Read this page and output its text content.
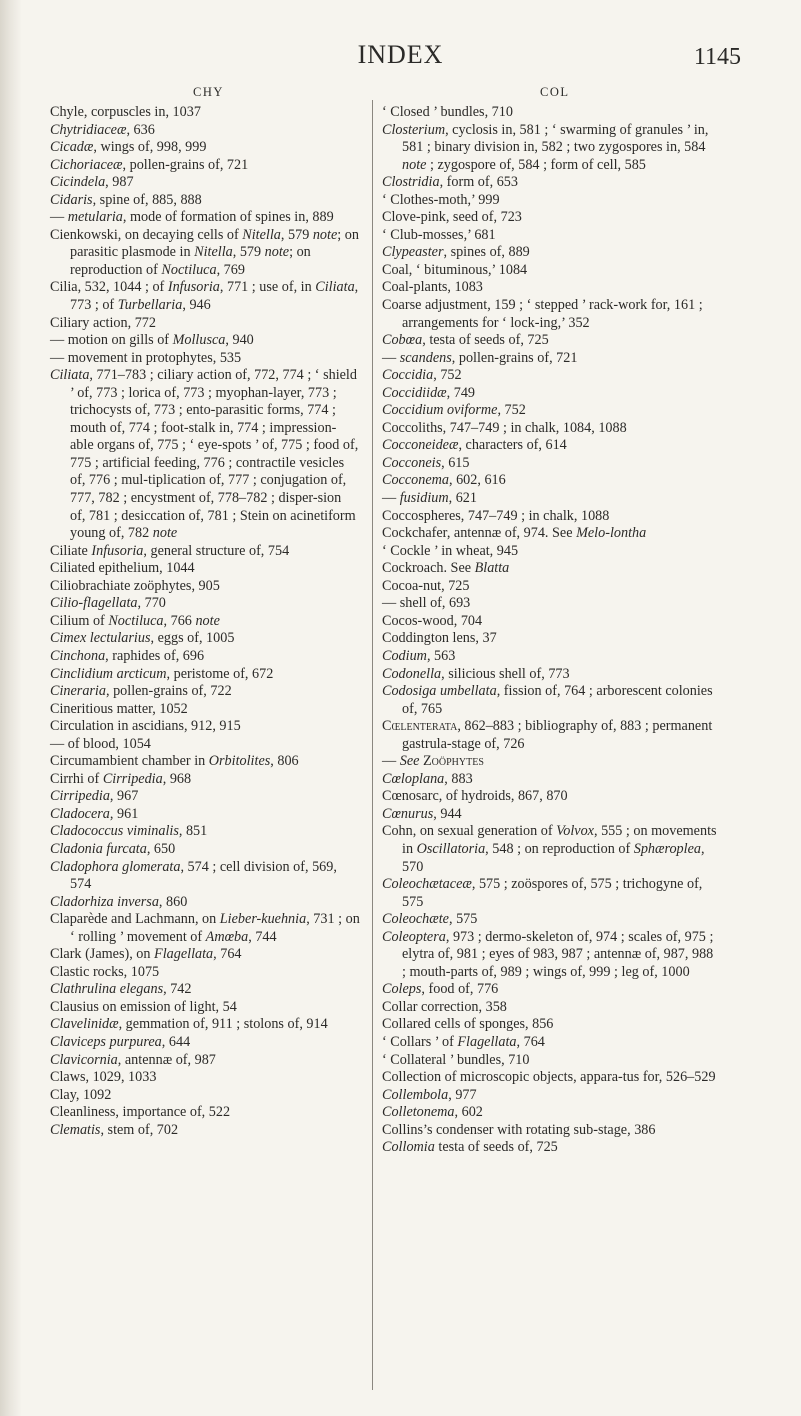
INDEX	1145
CHY	COL

Chyle, corpuscles in, 1037

Chytridiaceæ, 636

Cicadæ, wings of, 998, 999

Cichoriaceæ, pollen-grains of, 721

Cicindela, 987

Cidaris, spine of, 885, 888

— metularia, mode of formation of spines in, 889

Cienkowski, on decaying cells of Nitella, 579 note; on parasitic plasmode in Nitella, 579 note; on reproduction of Noctiluca, 769

Cilia, 532, 1044 ; of Infusoria, 771 ; use of, in Ciliata, 773 ; of Turbellaria, 946

Ciliary action, 772

— motion on gills of Mollusca, 940

— movement in protophytes, 535

Ciliata, 771–783 ; ciliary action of, 772, 774 ; ‘ shield ’ of, 773 ; lorica of, 773 ; myophan-layer, 773 ; trichocysts of, 773 ; ento-parasitic forms, 774 ; mouth of, 774 ; foot-stalk in, 774 ; impression-able organs of, 775 ; ‘ eye-spots ’ of, 775 ; food of, 775 ; artificial feeding, 776 ; contractile vesicles of, 776 ; mul-tiplication of, 777 ; conjugation of, 777, 782 ; encystment of, 778–782 ; disper-sion of, 781 ; desiccation of, 781 ; Stein on acinetiform young of, 782 note

Ciliate Infusoria, general structure of, 754

Ciliated epithelium, 1044

Ciliobrachiate zoöphytes, 905

Cilio-flagellata, 770

Cilium of Noctiluca, 766 note

Cimex lectularius, eggs of, 1005

Cinchona, raphides of, 696

Cinclidium arcticum, peristome of, 672

Cineraria, pollen-grains of, 722

Cineritious matter, 1052

Circulation in ascidians, 912, 915

— of blood, 1054

Circumambient chamber in Orbitolites, 806

Cirrhi of Cirripedia, 968

Cirripedia, 967

Cladocera, 961

Cladococcus viminalis, 851

Cladonia furcata, 650

Cladophora glomerata, 574 ; cell division of, 569, 574

Cladorhiza inversa, 860

Claparède and Lachmann, on Lieber-kuehnia, 731 ; on ‘ rolling ’ movement of Amœba, 744

Clark (James), on Flagellata, 764

Clastic rocks, 1075

Clathrulina elegans, 742

Clausius on emission of light, 54

Clavelinidæ, gemmation of, 911 ; stolons of, 914

Claviceps purpurea, 644

Clavicornia, antennæ of, 987

Claws, 1029, 1033

Clay, 1092

Cleanliness, importance of, 522

Clematis, stem of, 702

‘ Closed ’ bundles, 710

Closterium, cyclosis in, 581 ; ‘ swarming of granules ’ in, 581 ; binary division in, 582 ; two zygospores in, 584 note ; zygospore of, 584 ; form of cell, 585

Clostridia, form of, 653

‘ Clothes-moth,’ 999

Clove-pink, seed of, 723

‘ Club-mosses,’ 681

Clypeaster, spines of, 889

Coal, ‘ bituminous,’ 1084

Coal-plants, 1083

Coarse adjustment, 159 ; ‘ stepped ’ rack-work for, 161 ; arrangements for ‘ lock-ing,’ 352

Cobœa, testa of seeds of, 725

— scandens, pollen-grains of, 721

Coccidia, 752

Coccidiidæ, 749

Coccidium oviforme, 752

Coccoliths, 747–749 ; in chalk, 1084, 1088

Cocconeideæ, characters of, 614

Cocconeis, 615

Cocconema, 602, 616

— fusidium, 621

Coccospheres, 747–749 ; in chalk, 1088

Cockchafer, antennæ of, 974. See Melo-lontha

‘ Cockle ’ in wheat, 945

Cockroach. See Blatta

Cocoa-nut, 725

— shell of, 693

Cocos-wood, 704

Coddington lens, 37

Codium, 563

Codonella, silicious shell of, 773

Codosiga umbellata, fission of, 764 ; arborescent colonies of, 765

Cœlenterata, 862–883 ; bibliography of, 883 ; permanent gastrula-stage of, 726

— See Zoöphytes

Cœloplana, 883

Cœnosarc, of hydroids, 867, 870

Cœnurus, 944

Cohn, on sexual generation of Volvox, 555 ; on movements in Oscillatoria, 548 ; on reproduction of Sphæroplea, 570

Coleochætaceæ, 575 ; zoöspores of, 575 ; trichogyne of, 575

Coleochæte, 575

Coleoptera, 973 ; dermo-skeleton of, 974 ; scales of, 975 ; elytra of, 981 ; eyes of 983, 987 ; antennæ of, 987, 988 ; mouth-parts of, 989 ; wings of, 999 ; leg of, 1000

Coleps, food of, 776

Collar correction, 358

Collared cells of sponges, 856

‘ Collars ’ of Flagellata, 764

‘ Collateral ’ bundles, 710

Collection of microscopic objects, appara-tus for, 526–529

Collembola, 977

Colletonema, 602

Collins’s condenser with rotating sub-stage, 386

Collomia testa of seeds of, 725
